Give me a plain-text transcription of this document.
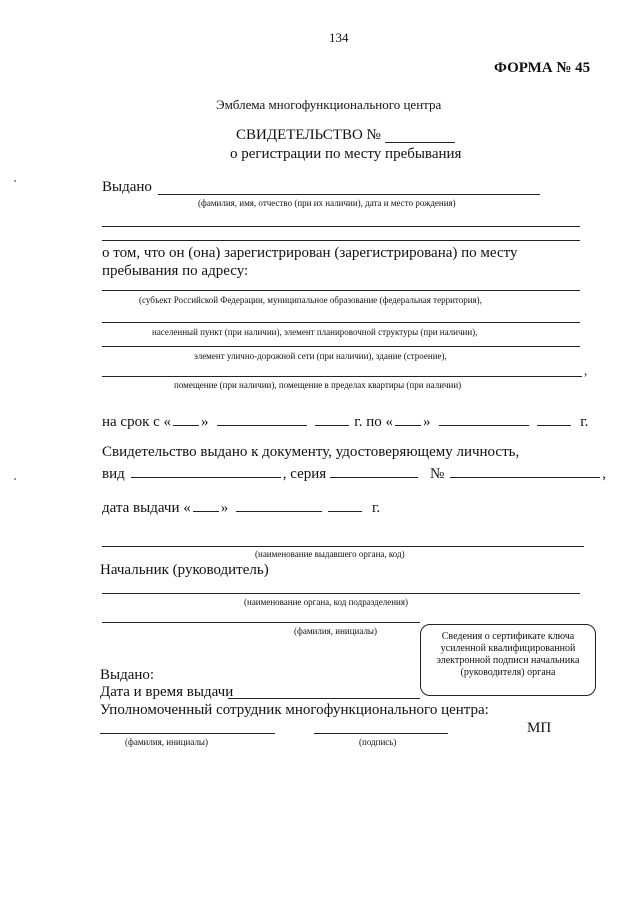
134
ФОРМА № 45
Эмблема многофункционального центра
СВИДЕТЕЛЬСТВО №
о регистрации по месту пребывания
Выдано
(фамилия, имя, отчество (при их наличии), дата и место рождения)
о том, что он (она) зарегистрирован (зарегистрирована) по месту
пребывания по адресу:
(субъект Российской Федерации, муниципальное образование (федеральная территория),
населенный пункт (при наличии), элемент планировочной структуры (при наличии),
элемент улично-дорожной сети (при наличии), здание (строение),
,
помещение (при наличии), помещение в пределах квартиры (при наличии)
на срок с « »	г. по « »	г.
Свидетельство выдано к документу, удостоверяющему личность,
вид	, серия	№	,
дата выдачи « »	г.
(наименование выдавшего органа, код)
Начальник (руководитель)
(наименование органа, код подразделения)
(фамилия, инициалы)	Сведения о сертификате ключа
усиленной квалифицированной
электронной подписи начальника
(руководителя) органа
Выдано:
Дата и время выдачи
Уполномоченный сотрудник многофункционального центра:
МП
(фамилия, инициалы)	(подпись)
